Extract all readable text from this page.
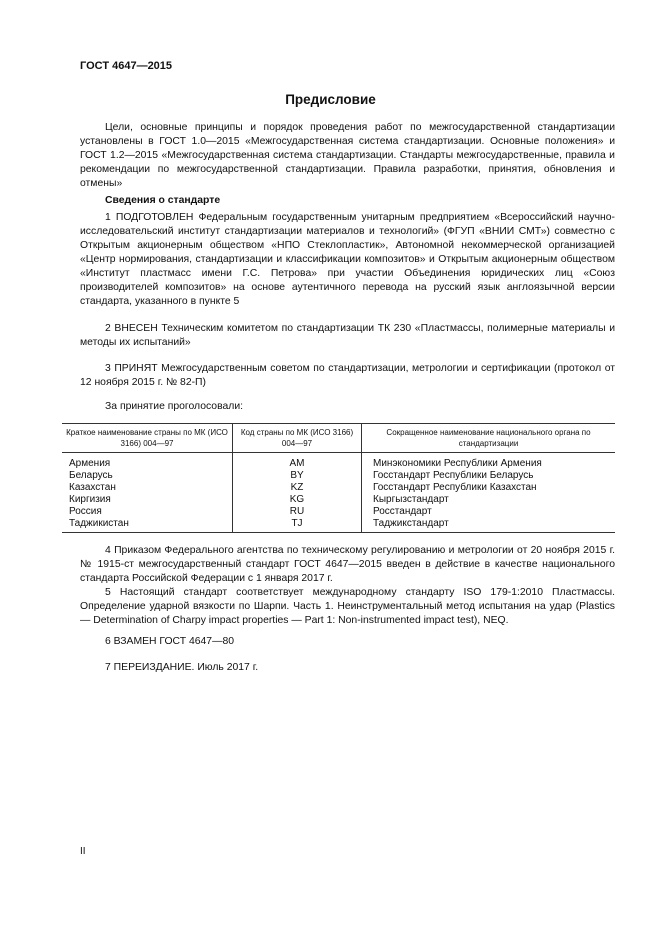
ГОСТ 4647—2015
Предисловие

Цели, основные принципы и порядок проведения работ по межгосударственной стандартизации установлены в ГОСТ 1.0—2015 «Межгосударственная система стандартизации. Основные положения» и ГОСТ 1.2—2015 «Межгосударственная система стандартизации. Стандарты межгосударственные, правила и рекомендации по межгосударственной стандартизации. Правила разработки, принятия, обновления и отмены»

Сведения о стандарте

1 ПОДГОТОВЛЕН Федеральным государственным унитарным предприятием «Всероссийский научно-исследовательский институт стандартизации материалов и технологий» (ФГУП «ВНИИ СМТ») совместно с Открытым акционерным обществом «НПО Стеклопластик», Автономной некоммерческой организацией «Центр нормирования, стандартизации и классификации композитов» и Открытым акционерным обществом «Институт пластмасс имени Г.С. Петрова» при участии Объединения юридических лиц «Союз производителей композитов» на основе аутентичного перевода на русский язык англоязычной версии стандарта, указанного в пункте 5

2 ВНЕСЕН Техническим комитетом по стандартизации ТК 230 «Пластмассы, полимерные материалы и методы их испытаний»

3 ПРИНЯТ Межгосударственным советом по стандартизации, метрологии и сертификации (протокол от 12 ноября 2015 г. № 82-П)

За принятие проголосовали:
Краткое наименование страны по МК (ИСО 3166) 004—97	Код страны по МК (ИСО 3166) 004—97	Сокращенное наименование национального органа по стандартизации
Армения	AM	Минэкономики Республики Армения
Беларусь	BY	Госстандарт Республики Беларусь
Казахстан	KZ	Госстандарт Республики Казахстан
Киргизия	KG	Кыргызстандарт
Россия	RU	Росстандарт
Таджикистан	TJ	Таджикстандарт

4 Приказом Федерального агентства по техническому регулированию и метрологии от 20 ноября 2015 г. № 1915-ст межгосударственный стандарт ГОСТ 4647—2015 введен в действие в качестве национального стандарта Российской Федерации с 1 января 2017 г.

5 Настоящий стандарт соответствует международному стандарту ISO 179-1:2010 Пластмассы. Определение ударной вязкости по Шарпи. Часть 1. Неинструментальный метод испытания на удар (Plastics — Determination of Charpy impact properties — Part 1: Non-instrumented impact test), NEQ.

6 ВЗАМЕН ГОСТ 4647—80
7 ПЕРЕИЗДАНИЕ. Июль 2017 г.
II
